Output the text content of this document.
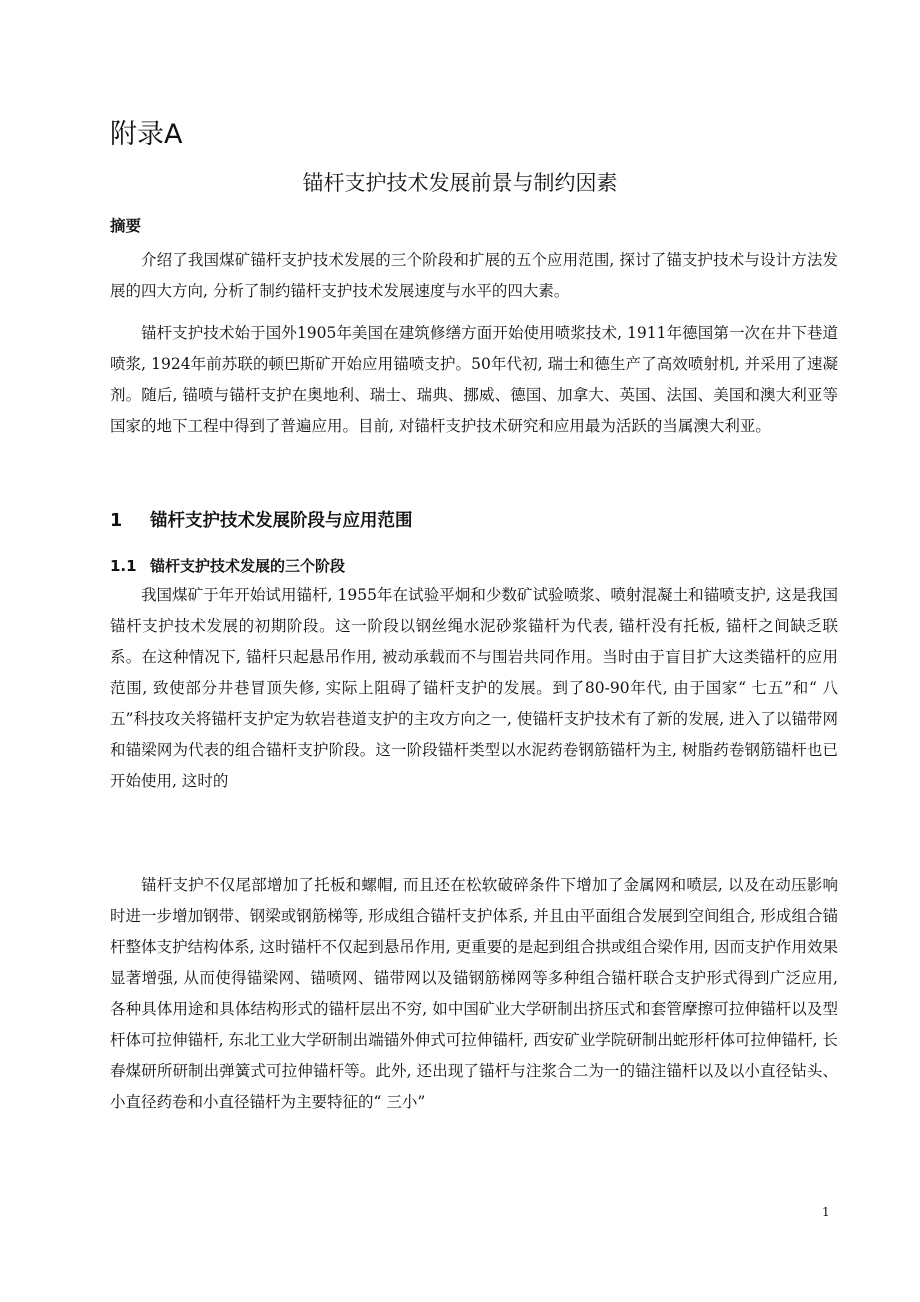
附录A
锚杆支护技术发展前景与制约因素
摘要

介绍了我国煤矿锚杆支护技术发展的三个阶段和扩展的五个应用范围, 探讨了锚支护技术与设计方法发展的四大方向, 分析了制约锚杆支护技术发展速度与水平的四大素。

锚杆支护技术始于国外1905年美国在建筑修缮方面开始使用喷浆技术, 1911年德国第一次在井下巷道喷浆, 1924年前苏联的顿巴斯矿开始应用锚喷支护。50年代初, 瑞士和德生产了高效喷射机, 并采用了速凝剂。随后, 锚喷与锚杆支护在奥地利、瑞士、瑞典、挪威、德国、加拿大、英国、法国、美国和澳大利亚等国家的地下工程中得到了普遍应用。目前, 对锚杆支护技术研究和应用最为活跃的当属澳大利亚。

1 锚杆支护技术发展阶段与应用范围
1.1 锚杆支护技术发展的三个阶段

我国煤矿于年开始试用锚杆, 1955年在试验平炯和少数矿试验喷浆、喷射混凝土和锚喷支护, 这是我国锚杆支护技术发展的初期阶段。这一阶段以钢丝绳水泥砂浆锚杆为代表, 锚杆没有托板, 锚杆之间缺乏联系。在这种情况下, 锚杆只起悬吊作用, 被动承载而不与围岩共同作用。当时由于盲目扩大这类锚杆的应用范围, 致使部分井巷冒顶失修, 实际上阻碍了锚杆支护的发展。到了80-90年代, 由于国家“ 七五”和“ 八五”科技攻关将锚杆支护定为软岩巷道支护的主攻方向之一, 使锚杆支护技术有了新的发展, 进入了以锚带网和锚梁网为代表的组合锚杆支护阶段。这一阶段锚杆类型以水泥药卷钢筋锚杆为主, 树脂药卷钢筋锚杆也已开始使用, 这时的

锚杆支护不仅尾部增加了托板和螺帽, 而且还在松软破碎条件下增加了金属网和喷层, 以及在动压影响时进一步增加钢带、钢梁或钢筋梯等, 形成组合锚杆支护体系, 并且由平面组合发展到空间组合, 形成组合锚杆整体支护结构体系, 这时锚杆不仅起到悬吊作用, 更重要的是起到组合拱或组合梁作用, 因而支护作用效果显著增强, 从而使得锚梁网、锚喷网、锚带网以及锚钢筋梯网等多种组合锚杆联合支护形式得到广泛应用, 各种具体用途和具体结构形式的锚杆层出不穷, 如中国矿业大学研制出挤压式和套管摩擦可拉伸锚杆以及型杆体可拉伸锚杆, 东北工业大学研制出端锚外伸式可拉伸锚杆, 西安矿业学院研制出蛇形杆体可拉伸锚杆, 长春煤研所研制出弹簧式可拉伸锚杆等。此外, 还出现了锚杆与注浆合二为一的锚注锚杆以及以小直径钻头、小直径药卷和小直径锚杆为主要特征的“ 三小”

1
